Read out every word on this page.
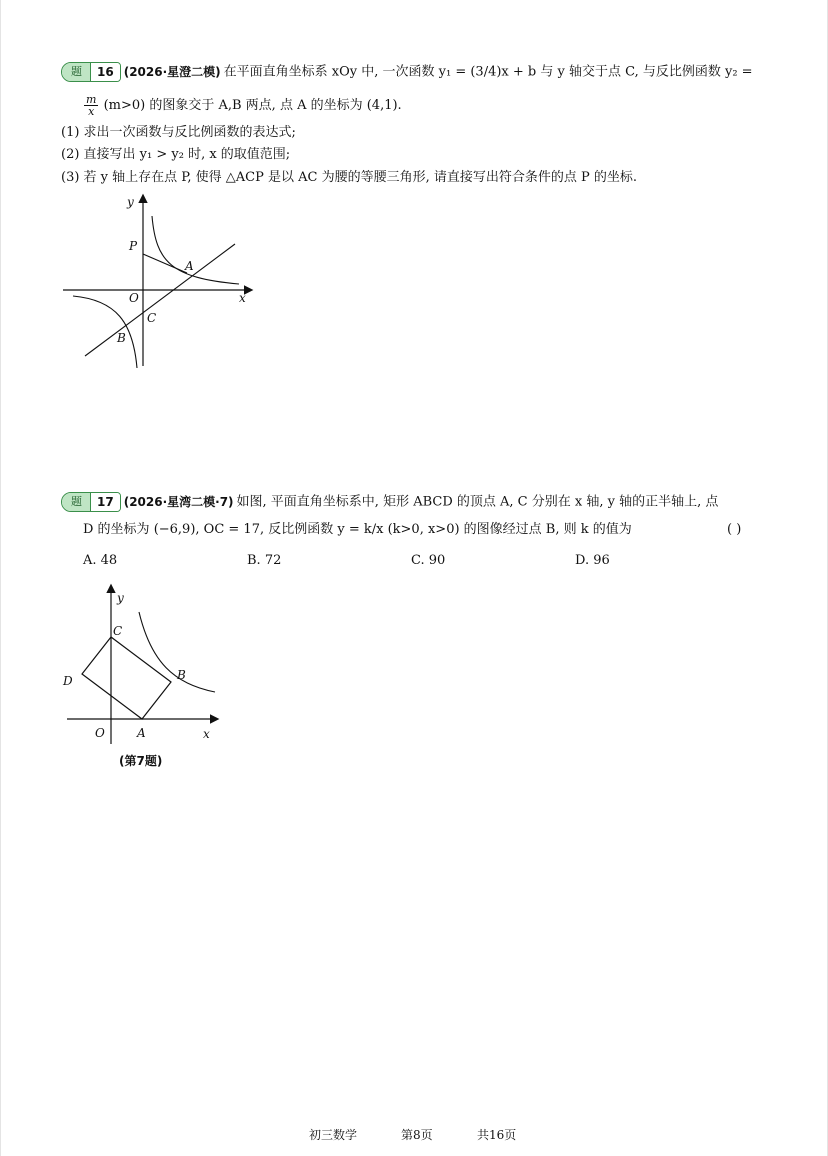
题	16 (2026·星澄二模) 在平面直角坐标系 xOy 中, 一次函数 y₁ = (3/4)x + b 与 y 轴交于点 C, 与反比例函数 y₂ =
$\frac{m}{x} (m>0)$ 的图象交于 A,B 两点, 点 A 的坐标为 (4,1).
(1) 求出一次函数与反比例函数的表达式;
(2) 直接写出 y₁ > y₂ 时, x 的取值范围;
(3) 若 y 轴上存在点 P, 使得 △ACP 是以 AC 为腰的等腰三角形, 请直接写出符合条件的点 P 的坐标.
y
x
P
A
O
C
B
题	17 (2026·星湾二模·7) 如图, 平面直角坐标系中, 矩形 ABCD 的顶点 A, C 分别在 x 轴, y 轴的正半轴上, 点
D 的坐标为 (−6,9), OC = 17, 反比例函数 y = k/x (k>0, x>0) 的图像经过点 B, 则 k 的值为	( )
A. 48	B. 72	C. 90	D. 96
y
x
C
D	B
O	A
(第7题)
初三数学	第8页	共16页
